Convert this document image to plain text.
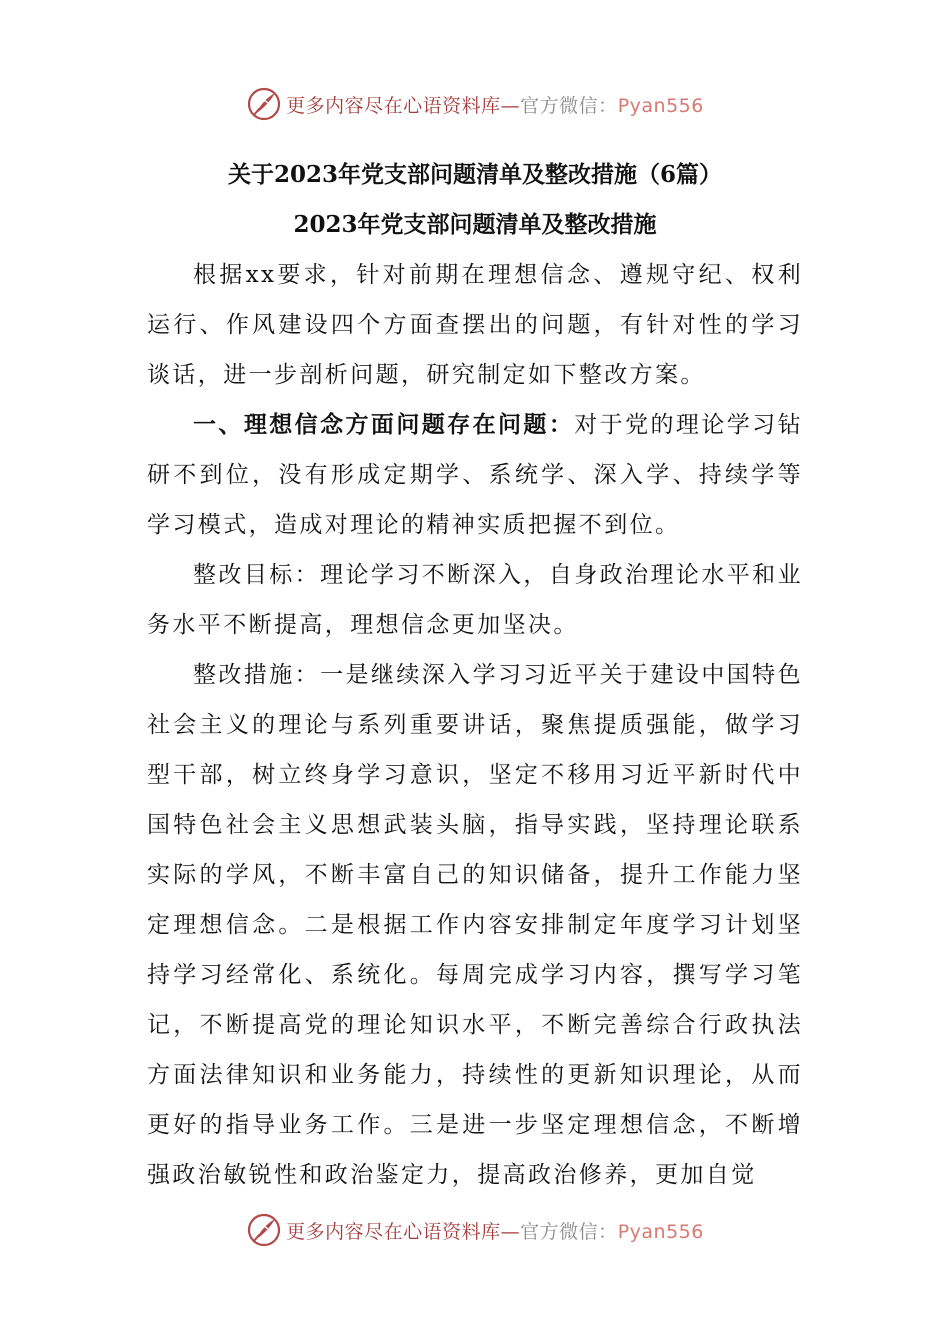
更多内容尽在心语资料库—官方微信：Pyan556
关于2023年党支部问题清单及整改措施（6篇）
2023年党支部问题清单及整改措施

根据xx要求，针对前期在理想信念、遵规守纪、权利运行、作风建设四个方面查摆出的问题，有针对性的学习谈话，进一步剖析问题，研究制定如下整改方案。

一、理想信念方面问题存在问题：对于党的理论学习钻研不到位，没有形成定期学、系统学、深入学、持续学等学习模式，造成对理论的精神实质把握不到位。

整改目标：理论学习不断深入，自身政治理论水平和业务水平不断提高，理想信念更加坚决。

整改措施：一是继续深入学习习近平关于建设中国特色社会主义的理论与系列重要讲话，聚焦提质强能，做学习型干部，树立终身学习意识，坚定不移用习近平新时代中国特色社会主义思想武装头脑，指导实践，坚持理论联系实际的学风，不断丰富自己的知识储备，提升工作能力坚定理想信念。二是根据工作内容安排制定年度学习计划坚持学习经常化、系统化。每周完成学习内容，撰写学习笔记，不断提高党的理论知识水平，不断完善综合行政执法方面法律知识和业务能力，持续性的更新知识理论，从而更好的指导业务工作。三是进一步坚定理想信念，不断增强政治敏锐性和政治鉴定力，提高政治修养，更加自觉

更多内容尽在心语资料库—官方微信：Pyan556
